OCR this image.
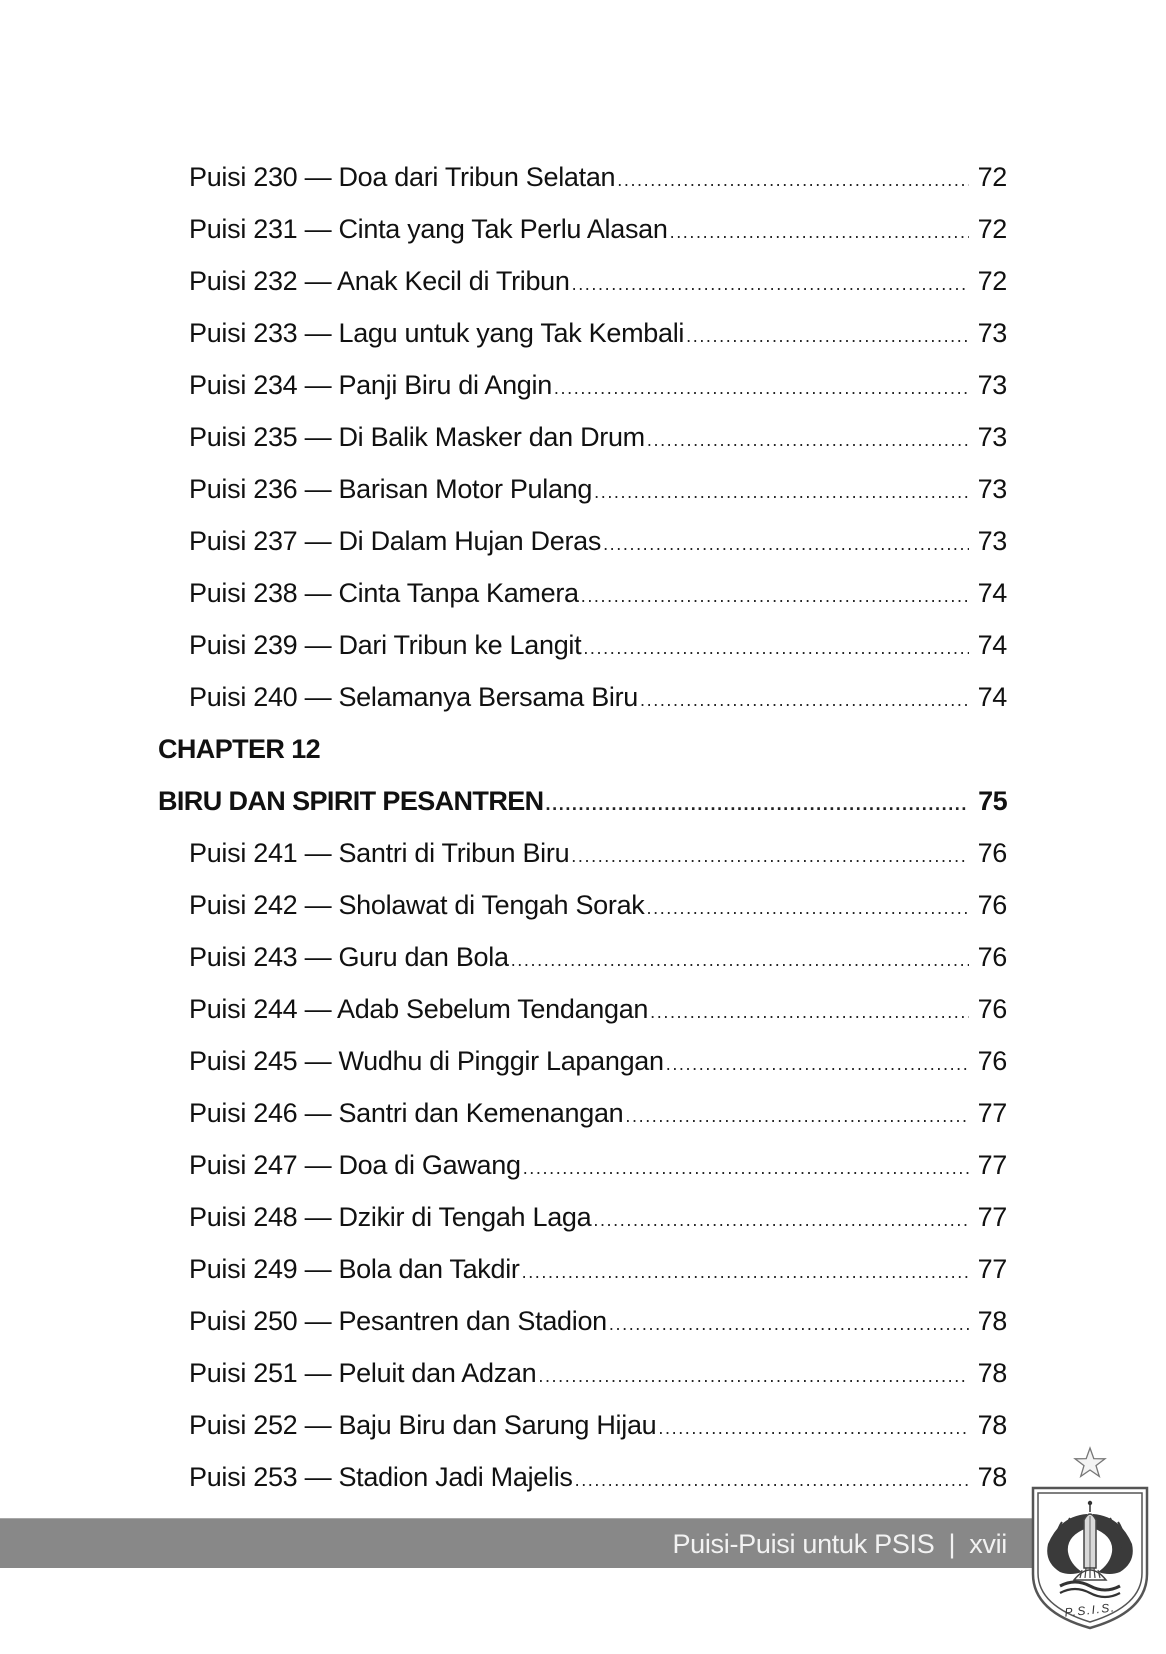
Puisi 230 — Doa dari Tribun Selatan .....	72
Puisi 231 — Cinta yang Tak Perlu Alasan .....	72
Puisi 232 — Anak Kecil di Tribun .....	72
Puisi 233 — Lagu untuk yang Tak Kembali .....	73
Puisi 234 — Panji Biru di Angin .....	73
Puisi 235 — Di Balik Masker dan Drum .....	73
Puisi 236 — Barisan Motor Pulang .....	73
Puisi 237 — Di Dalam Hujan Deras .....	73
Puisi 238 — Cinta Tanpa Kamera .....	74
Puisi 239 — Dari Tribun ke Langit .....	74
Puisi 240 — Selamanya Bersama Biru .....	74
CHAPTER 12
BIRU DAN SPIRIT PESANTREN .....	75
Puisi 241 — Santri di Tribun Biru .....	76
Puisi 242 — Sholawat di Tengah Sorak .....	76
Puisi 243 — Guru dan Bola .....	76
Puisi 244 — Adab Sebelum Tendangan .....	76
Puisi 245 — Wudhu di Pinggir Lapangan .....	76
Puisi 246 — Santri dan Kemenangan .....	77
Puisi 247 — Doa di Gawang .....	77
Puisi 248 — Dzikir di Tengah Laga .....	77
Puisi 249 — Bola dan Takdir .....	77
Puisi 250 — Pesantren dan Stadion .....	78
Puisi 251 — Peluit dan Adzan .....	78
Puisi 252 — Baju Biru dan Sarung Hijau .....	78
Puisi 253 — Stadion Jadi Majelis .....	78
Puisi-Puisi untuk PSIS | xvii
P.S.I.S.
